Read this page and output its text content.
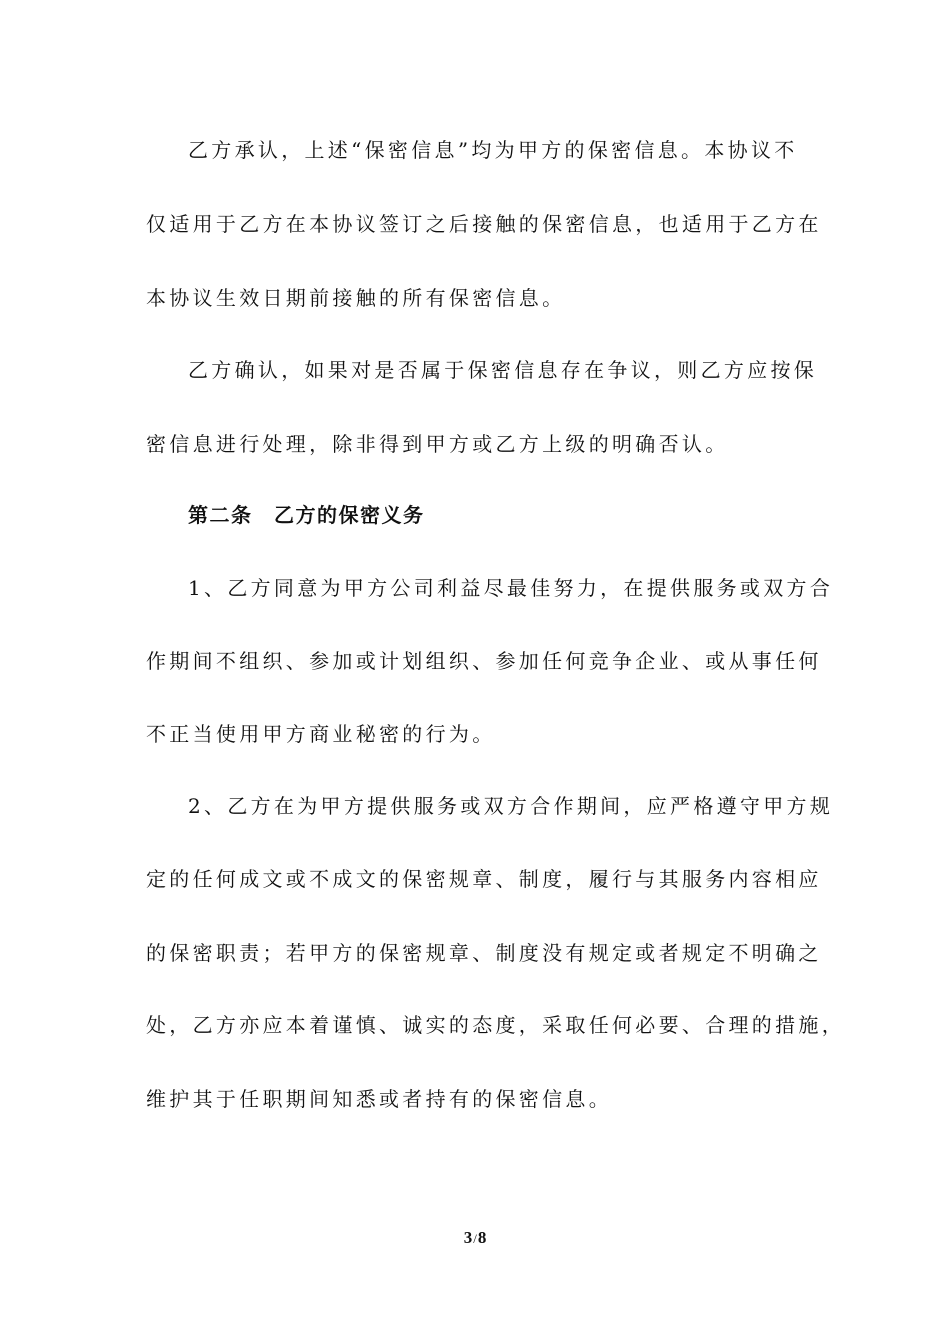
乙方承认，上述“保密信息”均为甲方的保密信息。本协议不
仅适用于乙方在本协议签订之后接触的保密信息，也适用于乙方在
本协议生效日期前接触的所有保密信息。
乙方确认，如果对是否属于保密信息存在争议，则乙方应按保
密信息进行处理，除非得到甲方或乙方上级的明确否认。
第二条　乙方的保密义务
1、乙方同意为甲方公司利益尽最佳努力，在提供服务或双方合
作期间不组织、参加或计划组织、参加任何竞争企业、或从事任何
不正当使用甲方商业秘密的行为。
2、乙方在为甲方提供服务或双方合作期间，应严格遵守甲方规
定的任何成文或不成文的保密规章、制度，履行与其服务内容相应
的保密职责；若甲方的保密规章、制度没有规定或者规定不明确之
处，乙方亦应本着谨慎、诚实的态度，采取任何必要、合理的措施，
维护其于任职期间知悉或者持有的保密信息。
3/8
